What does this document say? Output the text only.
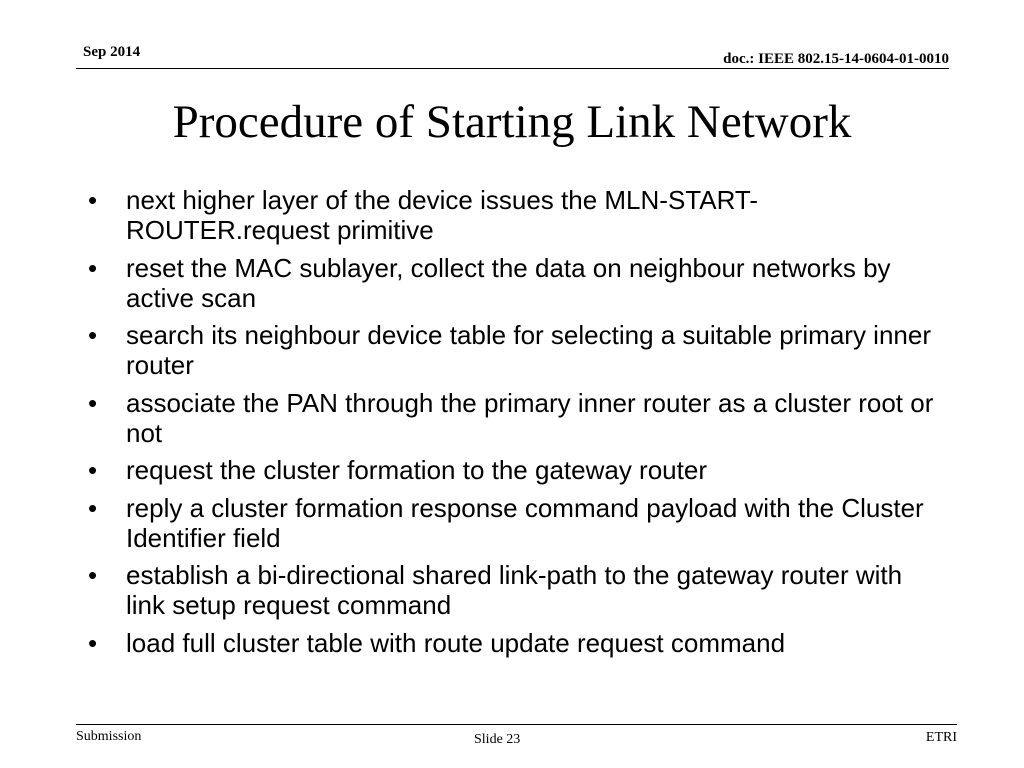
Sep 2014	doc.: IEEE 802.15-14-0604-01-0010
Procedure of Starting Link Network
• next higher layer of the device issues the MLN-START-ROUTER.request primitive
• reset the MAC sublayer, collect the data on neighbour networks by active scan
• search its neighbour device table for selecting a suitable primary inner router
• associate the PAN through the primary inner router as a cluster root or not
• request the cluster formation to the gateway router
• reply a cluster formation response command payload with the Cluster Identifier field
• establish a bi-directional shared link-path to the gateway router with link setup request command
• load full cluster table with route update request command
Submission	Slide 23	ETRI
